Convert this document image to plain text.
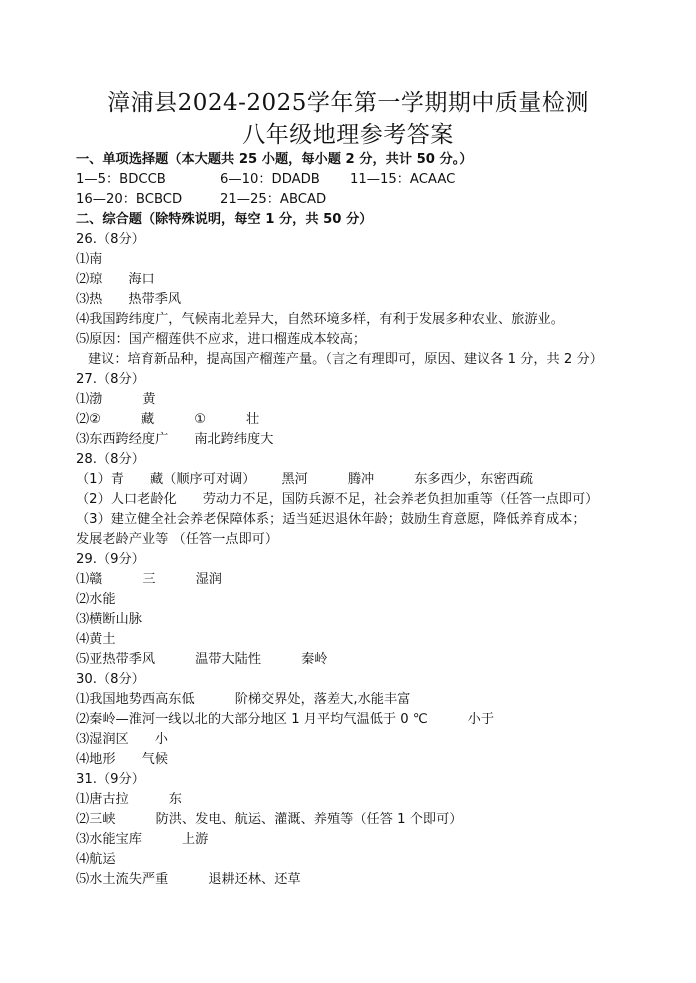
漳浦县2024-2025学年第一学期期中质量检测
八年级地理参考答案
一、单项选择题（本大题共 25 小题，每小题 2 分，共计 50 分。）
1—5：BDCCB	6—10：DDADB 11—15：ACAAC
16—20：BCBCD	21—25：ABCAD
二、综合题（除特殊说明，每空 1 分，共 50 分）
26.（8分）
⑴南
⑵琼 海口
⑶热 热带季风
⑷我国跨纬度广，气候南北差异大，自然环境多样，有利于发展多种农业、旅游业。
⑸原因：国产榴莲供不应求，进口榴莲成本较高；
建议：培育新品种，提高国产榴莲产量。（言之有理即可，原因、建议各 1 分，共 2 分）
27.（8分）
⑴渤	黄
⑵②	藏	①	壮
⑶东西跨经度广 南北跨纬度大
28.（8分）
（1）青 藏（顺序可对调） 黑河	腾冲	东多西少，东密西疏
（2）人口老龄化 劳动力不足，国防兵源不足，社会养老负担加重等（任答一点即可）
（3）建立健全社会养老保障体系；适当延迟退休年龄；鼓励生育意愿，降低养育成本；
发展老龄产业等 （任答一点即可）
29.（9分）
⑴赣	三	湿润
⑵水能
⑶横断山脉
⑷黄土
⑸亚热带季风	温带大陆性	秦岭
30.（8分）
⑴我国地势西高东低	阶梯交界处，落差大,水能丰富
⑵秦岭—淮河一线以北的大部分地区 1 月平均气温低于 0 ℃	小于
⑶湿润区 小
⑷地形 气候
31.（9分）
⑴唐古拉	东
⑵三峡	防洪、发电、航运、灌溉、养殖等（任答 1 个即可）
⑶水能宝库	上游
⑷航运
⑸水土流失严重	退耕还林、还草
